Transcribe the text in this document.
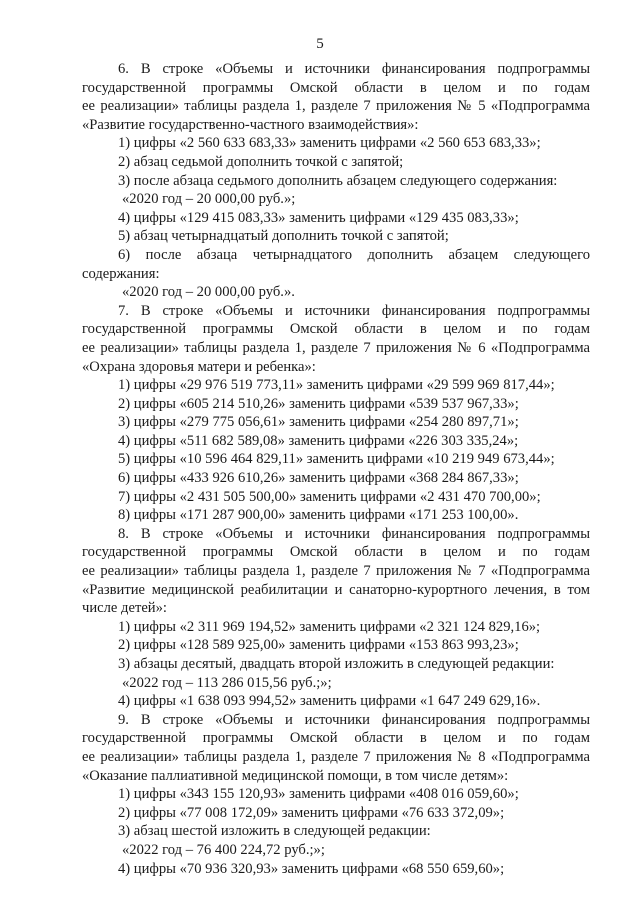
5
6. В строке «Объемы и источники финансирования подпрограммы
государственной программы Омской области в целом и по годам
ее реализации» таблицы раздела 1, разделе 7 приложения № 5 «Подпрограмма
«Развитие государственно-частного взаимодействия»:
1) цифры «2 560 633 683,33» заменить цифрами «2 560 653 683,33»;
2) абзац седьмой дополнить точкой с запятой;
3) после абзаца седьмого дополнить абзацем следующего содержания:
«2020 год – 20 000,00 руб.»;
4) цифры «129 415 083,33» заменить цифрами «129 435 083,33»;
5) абзац четырнадцатый дополнить точкой с запятой;
6) после абзаца четырнадцатого дополнить абзацем следующего
содержания:
«2020 год – 20 000,00 руб.».
7. В строке «Объемы и источники финансирования подпрограммы
государственной программы Омской области в целом и по годам
ее реализации» таблицы раздела 1, разделе 7 приложения № 6 «Подпрограмма
«Охрана здоровья матери и ребенка»:
1) цифры «29 976 519 773,11» заменить цифрами «29 599 969 817,44»;
2) цифры «605 214 510,26» заменить цифрами «539 537 967,33»;
3) цифры «279 775 056,61» заменить цифрами «254 280 897,71»;
4) цифры «511 682 589,08» заменить цифрами «226 303 335,24»;
5) цифры «10 596 464 829,11» заменить цифрами «10 219 949 673,44»;
6) цифры «433 926 610,26» заменить цифрами «368 284 867,33»;
7) цифры «2 431 505 500,00» заменить цифрами «2 431 470 700,00»;
8) цифры «171 287 900,00» заменить цифрами «171 253 100,00».
8. В строке «Объемы и источники финансирования подпрограммы
государственной программы Омской области в целом и по годам
ее реализации» таблицы раздела 1, разделе 7 приложения № 7 «Подпрограмма
«Развитие медицинской реабилитации и санаторно-курортного лечения, в том
числе детей»:
1) цифры «2 311 969 194,52» заменить цифрами «2 321 124 829,16»;
2) цифры «128 589 925,00» заменить цифрами «153 863 993,23»;
3) абзацы десятый, двадцать второй изложить в следующей редакции:
«2022 год – 113 286 015,56 руб.;»;
4) цифры «1 638 093 994,52» заменить цифрами «1 647 249 629,16».
9. В строке «Объемы и источники финансирования подпрограммы
государственной программы Омской области в целом и по годам
ее реализации» таблицы раздела 1, разделе 7 приложения № 8 «Подпрограмма
«Оказание паллиативной медицинской помощи, в том числе детям»:
1) цифры «343 155 120,93» заменить цифрами «408 016 059,60»;
2) цифры «77 008 172,09» заменить цифрами «76 633 372,09»;
3) абзац шестой изложить в следующей редакции:
«2022 год – 76 400 224,72 руб.;»;
4) цифры «70 936 320,93» заменить цифрами «68 550 659,60»;
